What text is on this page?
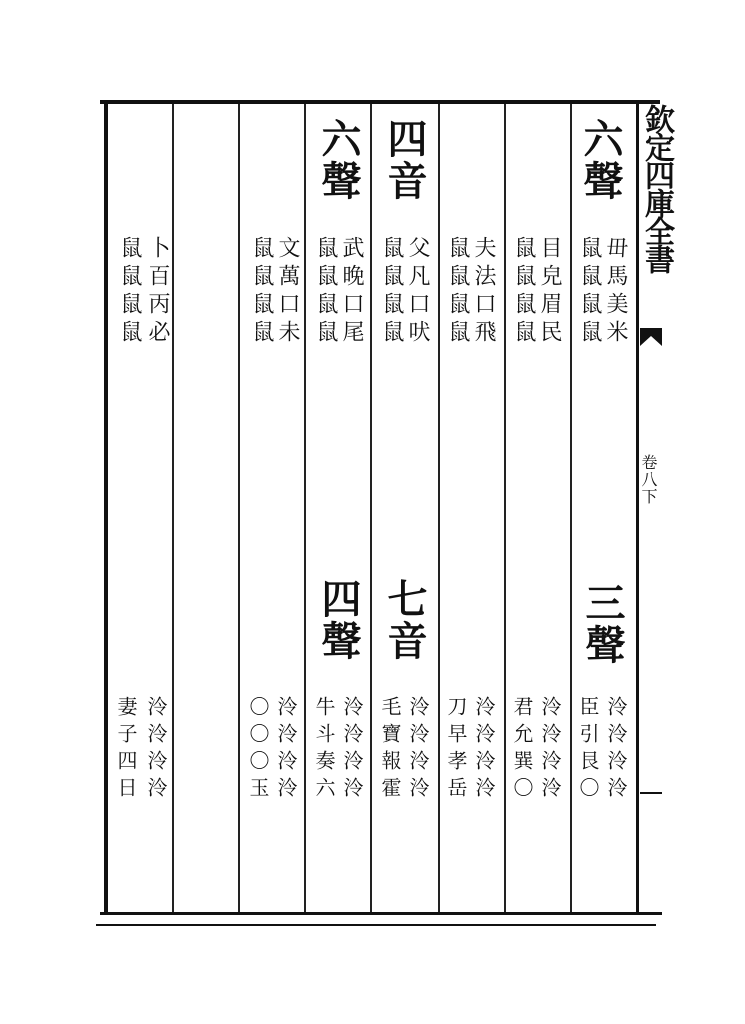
欽定四庫全書
卷八下
六聲
毌馬美米
鼠鼠鼠鼠
三聲
泠泠泠泠
臣引艮〇
目皃眉民
鼠鼠鼠鼠
泠泠泠泠
君允巽〇
夫法口飛
鼠鼠鼠鼠
泠泠泠泠
刀早孝岳
四音
父凡口吠
鼠鼠鼠鼠
七音
泠泠泠泠
毛寶報霍
六聲
武晚口尾
鼠鼠鼠鼠
四聲
泠泠泠泠
牛斗奏六
文萬口未
鼠鼠鼠鼠
泠泠泠泠
〇〇〇玉
卜百丙必
鼠鼠鼠鼠
泠泠泠泠
妻子四日
